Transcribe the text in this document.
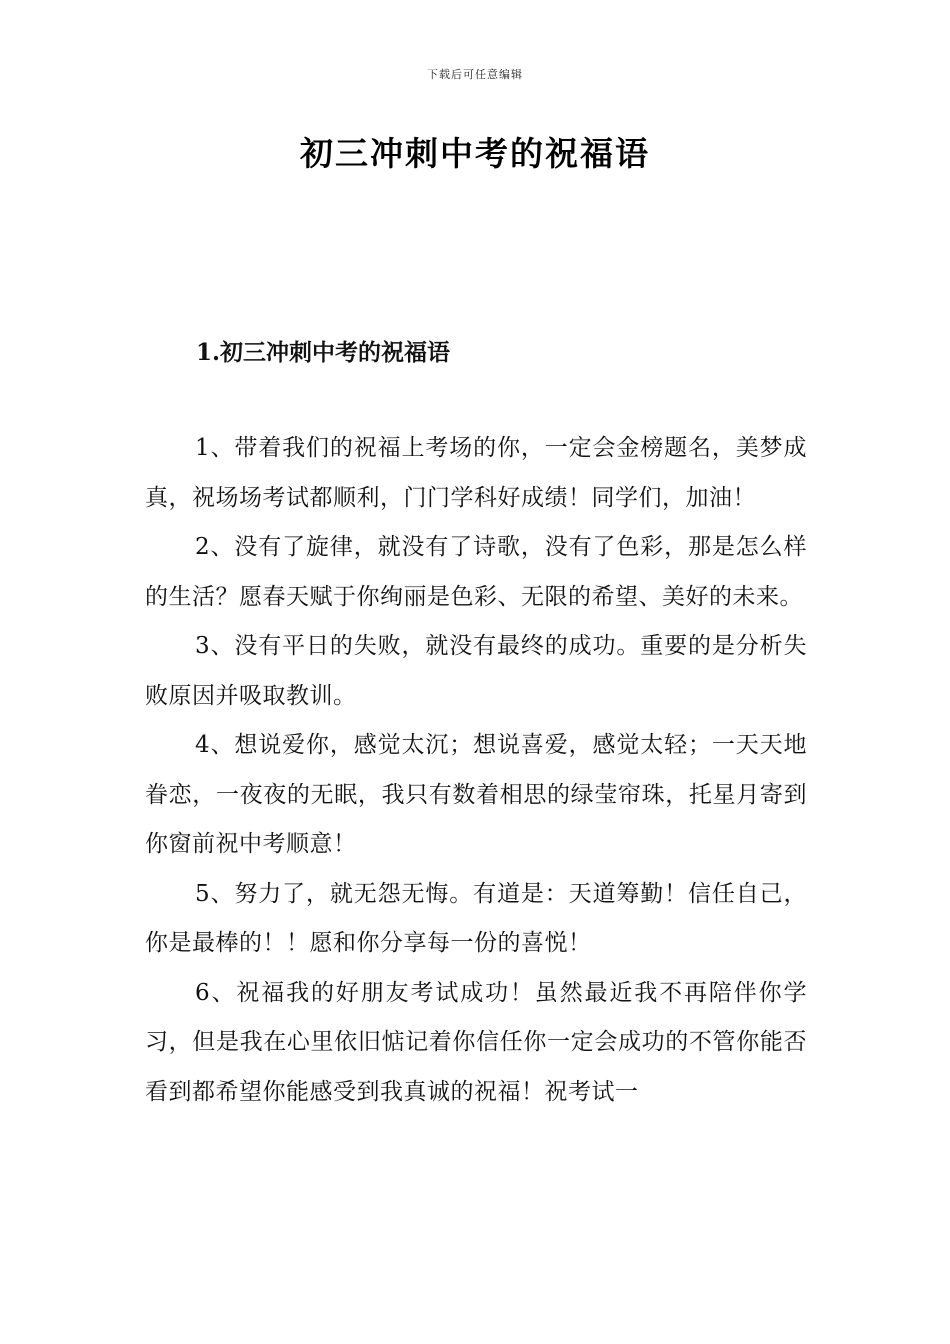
下载后可任意编辑
初三冲刺中考的祝福语
1.初三冲刺中考的祝福语

1、带着我们的祝福上考场的你，一定会金榜题名，美梦成真，祝场场考试都顺利，门门学科好成绩！同学们，加油！

2、没有了旋律，就没有了诗歌，没有了色彩，那是怎么样的生活？愿春天赋于你绚丽是色彩、无限的希望、美好的未来。

3、没有平日的失败，就没有最终的成功。重要的是分析失败原因并吸取教训。

4、想说爱你，感觉太沉；想说喜爱，感觉太轻；一天天地眷恋，一夜夜的无眠，我只有数着相思的绿莹帘珠，托星月寄到你窗前祝中考顺意！

5、努力了，就无怨无悔。有道是：天道筹勤！信任自己，你是最棒的！！愿和你分享每一份的喜悦！

6、祝福我的好朋友考试成功！虽然最近我不再陪伴你学习，但是我在心里依旧惦记着你信任你一定会成功的不管你能否看到都希望你能感受到我真诚的祝福！祝考试一
